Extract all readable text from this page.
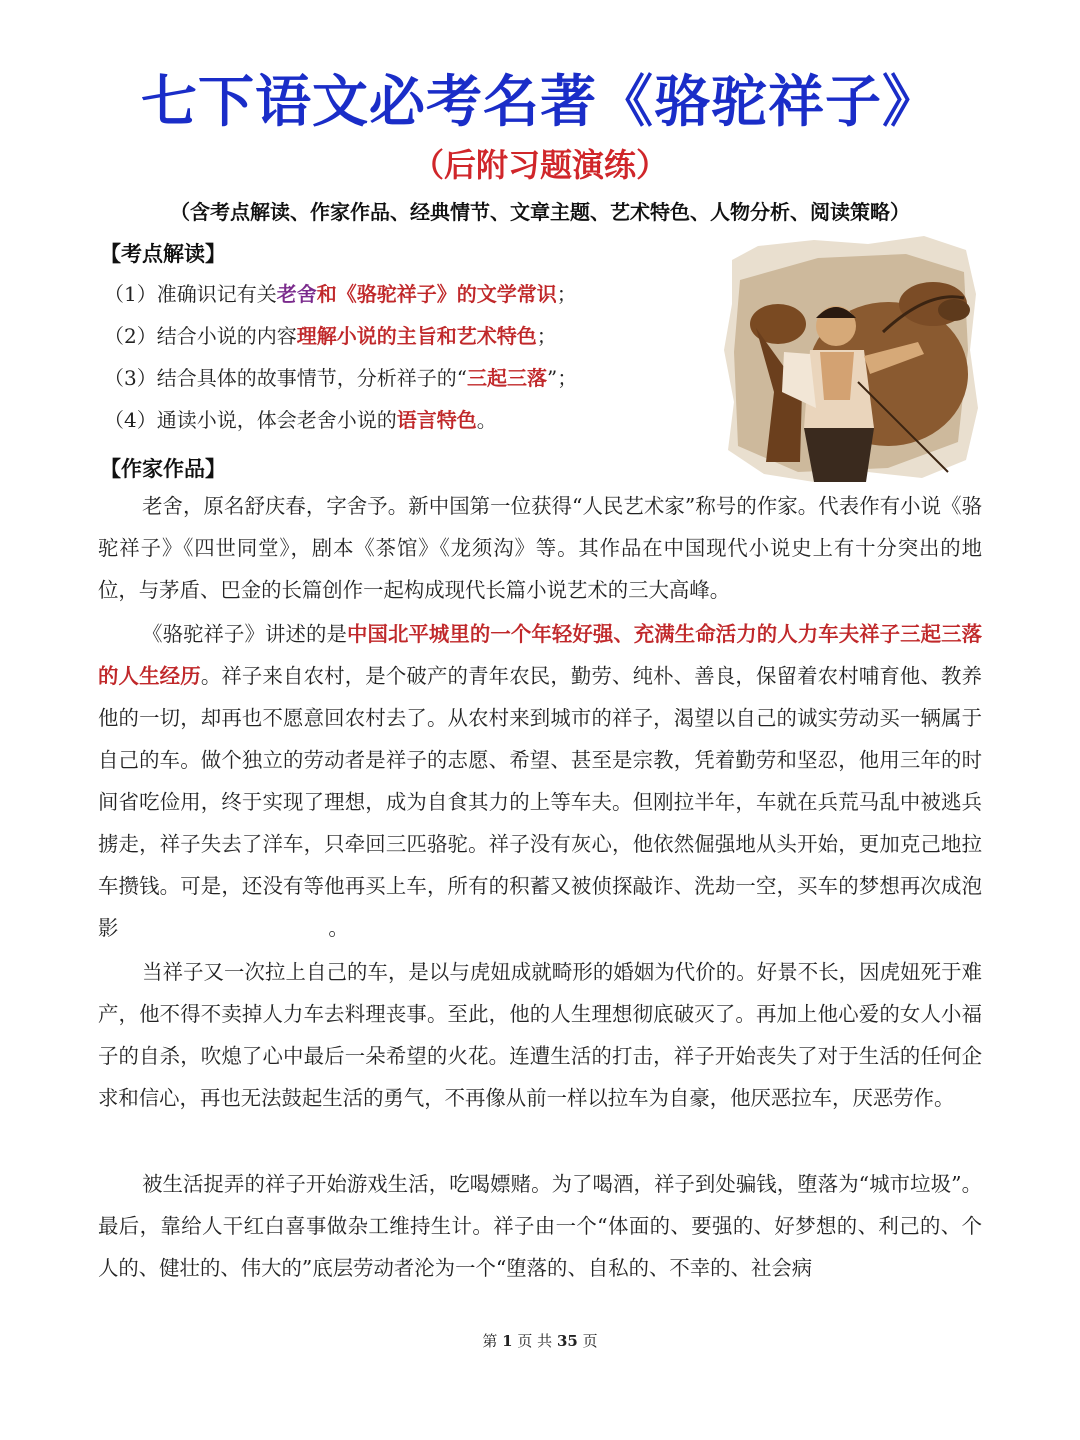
七下语文必考名著《骆驼祥子》
（后附习题演练）
（含考点解读、作家作品、经典情节、文章主题、艺术特色、人物分析、阅读策略）
【考点解读】
（1）准确识记有关老舍和《骆驼祥子》的文学常识；
（2）结合小说的内容理解小说的主旨和艺术特色；
（3）结合具体的故事情节，分析祥子的“三起三落”；
（4）通读小说，体会老舍小说的语言特色。
【作家作品】

老舍，原名舒庆春，字舍予。新中国第一位获得“人民艺术家”称号的作家。代表作有小说《骆驼祥子》《四世同堂》，剧本《茶馆》《龙须沟》等。其作品在中国现代小说史上有十分突出的地位，与茅盾、巴金的长篇创作一起构成现代长篇小说艺术的三大高峰。

《骆驼祥子》讲述的是中国北平城里的一个年轻好强、充满生命活力的人力车夫祥子三起三落的人生经历。祥子来自农村，是个破产的青年农民，勤劳、纯朴、善良，保留着农村哺育他、教养他的一切，却再也不愿意回农村去了。从农村来到城市的祥子，渴望以自己的诚实劳动买一辆属于自己的车。做个独立的劳动者是祥子的志愿、希望、甚至是宗教，凭着勤劳和坚忍，他用三年的时间省吃俭用，终于实现了理想，成为自食其力的上等车夫。但刚拉半年，车就在兵荒马乱中被逃兵掳走，祥子失去了洋车，只牵回三匹骆驼。祥子没有灰心，他依然倔强地从头开始，更加克己地拉车攒钱。可是，还没有等他再买上车，所有的积蓄又被侦探敲诈、洗劫一空，买车的梦想再次成泡影	。

当祥子又一次拉上自己的车，是以与虎妞成就畸形的婚姻为代价的。好景不长，因虎妞死于难产，他不得不卖掉人力车去料理丧事。至此，他的人生理想彻底破灭了。再加上他心爱的女人小福子的自杀，吹熄了心中最后一朵希望的火花。连遭生活的打击，祥子开始丧失了对于生活的任何企求和信心，再也无法鼓起生活的勇气，不再像从前一样以拉车为自豪，他厌恶拉车，厌恶劳作。

被生活捉弄的祥子开始游戏生活，吃喝嫖赌。为了喝酒，祥子到处骗钱，堕落为“城市垃圾”。最后，靠给人干红白喜事做杂工维持生计。祥子由一个“体面的、要强的、好梦想的、利己的、个人的、健壮的、伟大的”底层劳动者沦为一个“堕落的、自私的、不幸的、社会病

第 1 页 共 35 页
